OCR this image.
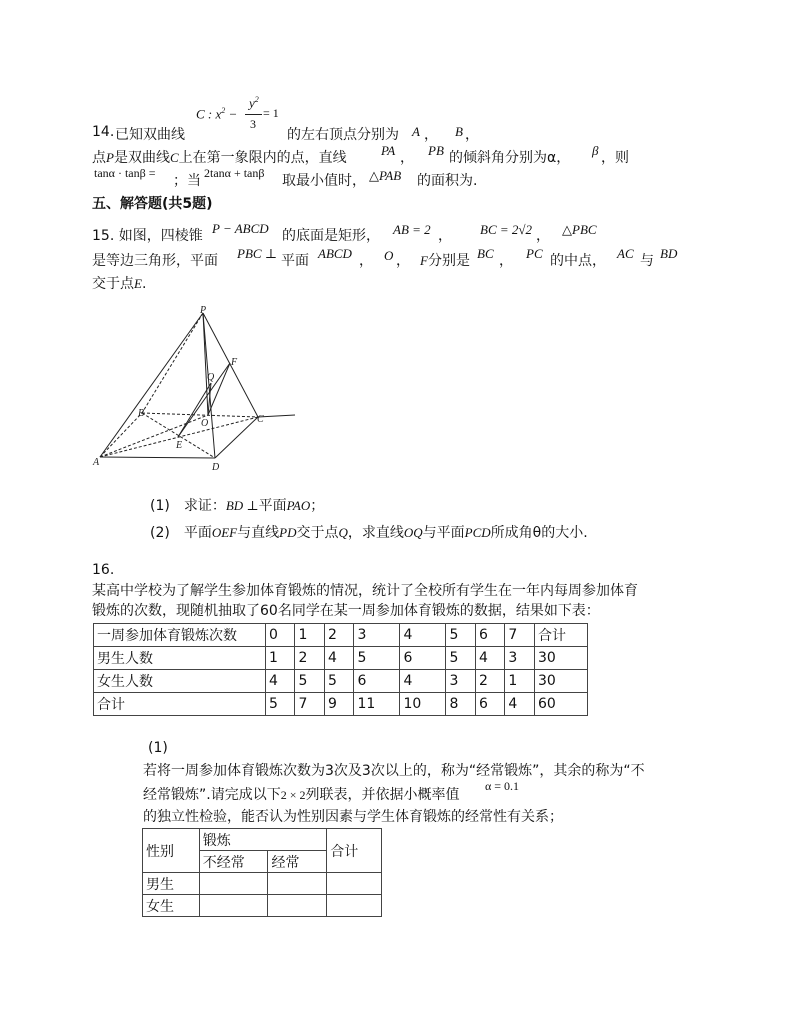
14. 已知双曲线
C : $x^2$ −
$y^2$
3
= 1
的左右顶点分别为 A ， B ，
点P是双曲线C上在第一象限内的点，直线	PA ， PB 的倾斜角分别为α， β ，则
tanα · tanβ = ；当 2tanα + tanβ 取最小值时， △PAB 的面积为.
五、解答题(共5题)
15. 如图，四棱锥 P − ABCD 的底面是矩形， AB = 2 ， BC = 2√2 ， △PBC
是等边三角形，平面 PBC ⊥ 平面 ABCD ， O ， F分别是 BC ， PC 的中点， AC 与 BD
交于点E.
P
F
Q
B
O	C
E
A	D
(1)　求证：BD ⊥平面PAO；
(2)　平面OEF与直线PD交于点Q，求直线OQ与平面PCD所成角θ的大小.
16.
某高中学校为了解学生参加体育锻炼的情况，统计了全校所有学生在一年内每周参加体育
锻炼的次数，现随机抽取了60名同学在某一周参加体育锻炼的数据，结果如下表：
一周参加体育锻炼次数	0	1	2	3	4	5	6	7	合计
男生人数	1	2	4	5	6	5	4	3	30
女生人数	4	5	5	6	4	3	2	1	30
合计	5	7	9	11	10	8	6	4	60
(1)
若将一周参加体育锻炼次数为3次及3次以上的，称为“经常锻炼”，其余的称为“不
经常锻炼”.请完成以下2 × 2列联表，并依据小概率值
α = 0.1
的独立性检验，能否认为性别因素与学生体育锻炼的经常性有关系；
性别	锻炼		合计
	不经常	经常	
男生			
女生			
